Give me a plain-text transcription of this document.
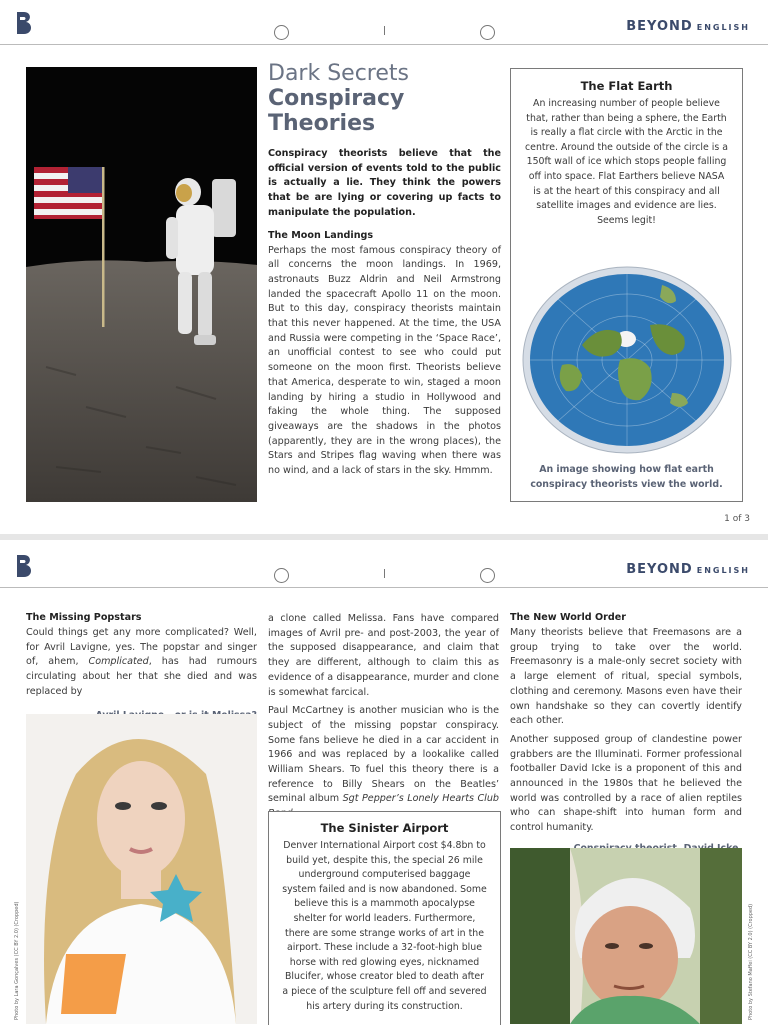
BEYOND ENGLISH
Dark Secrets
Conspiracy Theories

Conspiracy theorists believe that the official version of events told to the public is actually a lie. They think the powers that be are lying or covering up facts to manipulate the population.

The Moon Landings

Perhaps the most famous conspiracy theory of all concerns the moon landings. In 1969, astronauts Buzz Aldrin and Neil Armstrong landed the spacecraft Apollo 11 on the moon. But to this day, conspiracy theorists maintain that this never happened. At the time, the USA and Russia were competing in the ‘Space Race’, an unofficial contest to see who could put someone on the moon first. Theorists believe that America, desperate to win, staged a moon landing by hiring a studio in Hollywood and faking the whole thing. The supposed giveaways are the shadows in the photos (apparently, they are in the wrong places), the Stars and Stripes flag waving when there was no wind, and a lack of stars in the sky. Hmmm.

The Flat Earth
An increasing number of people believe that, rather than being a sphere, the Earth is really a flat circle with the Arctic in the centre. Around the outside of the circle is a 150ft wall of ice which stops people falling off into space. Flat Earthers believe NASA is at the heart of this conspiracy and all satellite images and evidence are lies. Seems legit!
An image showing how flat earth conspiracy theorists view the world.
1 of 3
BEYOND ENGLISH
The Missing Popstars

Could things get any more complicated? Well, for Avril Lavigne, yes. The popstar and singer of, ahem, Complicated, has had rumours circulating about her that she died and was replaced by

Photo by Lara Gonçalves (CC BY 2.0) (Cropped)

a clone called Melissa. Fans have compared images of Avril pre- and post-2003, the year of the supposed disappearance, and claim that they are different, although to claim this as evidence of a disappearance, murder and clone is somewhat farcical.

Paul McCartney is another musician who is the subject of the missing popstar conspiracy. Some fans believe he died in a car accident in 1966 and was replaced by a lookalike called William Shears. To fuel this theory there is a reference to Billy Shears on the Beatles’ seminal album Sgt Pepper’s Lonely Hearts Club

The Sinister Airport
Denver International Airport cost $4.8bn to build yet, despite this, the special 26 mile underground computerised baggage system failed and is now abandoned. Some believe this is a mammoth apocalypse shelter for world leaders. Furthermore, there are some strange works of art in the airport. These include a 32-foot-high blue horse with red glowing eyes, nicknamed Blucifer, whose creator bled to death after a piece of the sculpture fell off and severed his artery during its construction.
The New World Order

Many theorists believe that Freemasons are a group trying to take over the world. Freemasonry is a male-only secret society with a large element of ritual, special symbols, clothing and ceremony. Masons even have their own handshake so they can covertly identify each other.

Another supposed group of clandestine power grabbers are the Illuminati. Former professional footballer David Icke is a proponent of this and announced in the 1980s that he believed the world was controlled by a race of alien reptiles who can shape-shift into human form and control humanity.

Photo by Stefano Maffei (CC BY 2.0) (Cropped)
